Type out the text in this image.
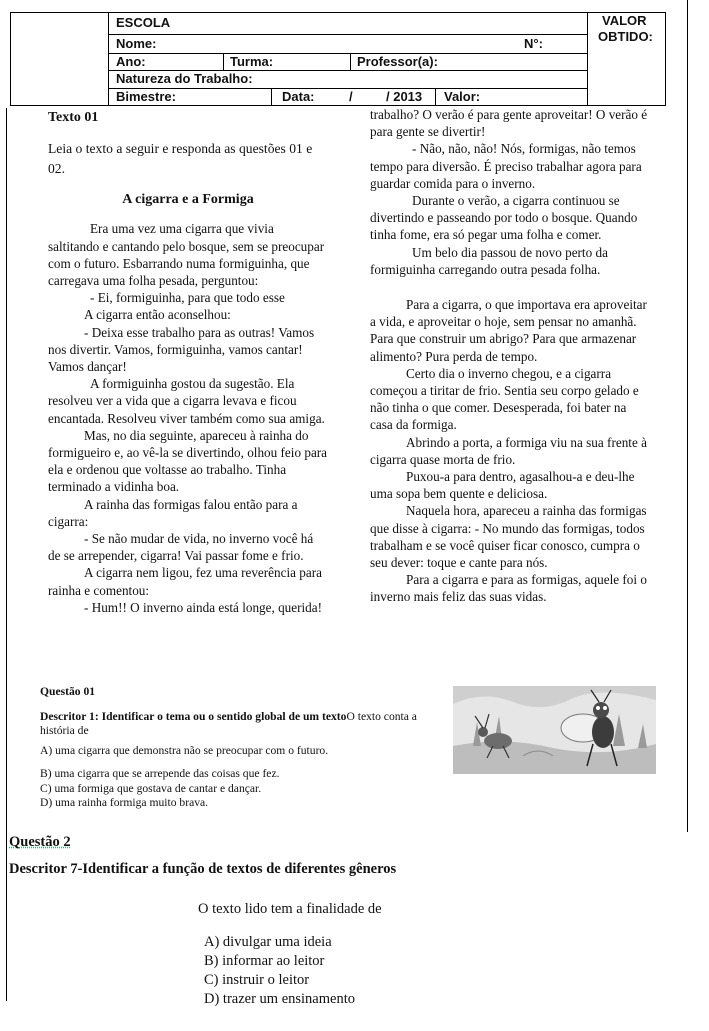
ESCOLA
Nome:	N°:
Ano:	Turma:	Professor(a):
Natureza do Trabalho:
Bimestre:	Data:	/	/ 2013 Valor:
VALOR
OBTIDO:

Texto 01

Leia o texto a seguir e responda as questões 01 e 02.

A cigarra e a Formiga

Era uma vez uma cigarra que vivia saltitando e cantando pelo bosque, sem se preocupar com o futuro. Esbarrando numa formiguinha, que carregava uma folha pesada, perguntou:

- Ei, formiguinha, para que todo esse

A cigarra então aconselhou:

- Deixa esse trabalho para as outras! Vamos nos divertir. Vamos, formiguinha, vamos cantar! Vamos dançar!

A formiguinha gostou da sugestão. Ela resolveu ver a vida que a cigarra levava e ficou encantada. Resolveu viver também como sua amiga.

Mas, no dia seguinte, apareceu à rainha do formigueiro e, ao vê-la se divertindo, olhou feio para ela e ordenou que voltasse ao trabalho. Tinha terminado a vidinha boa.

A rainha das formigas falou então para a cigarra:

- Se não mudar de vida, no inverno você há de se arrepender, cigarra! Vai passar fome e frio.

A cigarra nem ligou, fez uma reverência para rainha e comentou:

- Hum!! O inverno ainda está longe, querida!

trabalho? O verão é para gente aproveitar! O verão é para gente se divertir!

- Não, não, não! Nós, formigas, não temos tempo para diversão. É preciso trabalhar agora para guardar comida para o inverno.

Durante o verão, a cigarra continuou se divertindo e passeando por todo o bosque. Quando tinha fome, era só pegar uma folha e comer.

Um belo dia passou de novo perto da formiguinha carregando outra pesada folha.

Para a cigarra, o que importava era aproveitar a vida, e aproveitar o hoje, sem pensar no amanhã. Para que construir um abrigo? Para que armazenar alimento? Pura perda de tempo.

Certo dia o inverno chegou, e a cigarra começou a tiritar de frio. Sentia seu corpo gelado e não tinha o que comer. Desesperada, foi bater na casa da formiga.

Abrindo a porta, a formiga viu na sua frente à cigarra quase morta de frio.

Puxou-a para dentro, agasalhou-a e deu-lhe uma sopa bem quente e deliciosa.

Naquela hora, apareceu a rainha das formigas que disse à cigarra: - No mundo das formigas, todos trabalham e se você quiser ficar conosco, cumpra o seu dever: toque e cante para nós.

Para a cigarra e para as formigas, aquele foi o inverno mais feliz das suas vidas.

Questão 01
Descritor 1: Identificar o tema ou o sentido global de um textoO texto conta a história de
A) uma cigarra que demonstra não se preocupar com o futuro.
B) uma cigarra que se arrepende das coisas que fez.
C) uma formiga que gostava de cantar e dançar.
D) uma rainha formiga muito brava.
Questão 2
Descritor 7-Identificar a função de textos de diferentes gêneros
O texto lido tem a finalidade de
A) divulgar uma ideia
B) informar ao leitor
C) instruir o leitor
D) trazer um ensinamento
